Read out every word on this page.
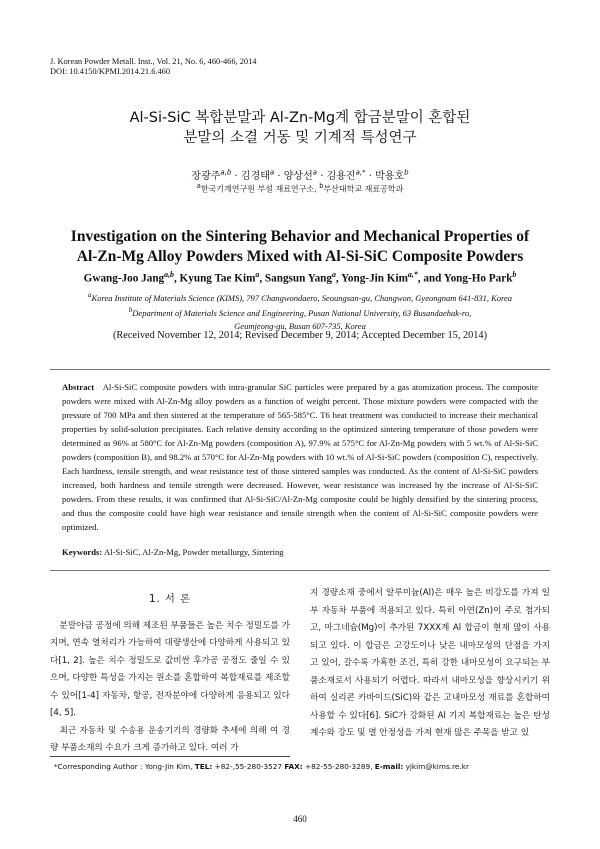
J. Korean Powder Metall. Inst., Vol. 21, No. 6, 460-466, 2014
DOI: 10.4150/KPMI.2014.21.6.460
Al-Si-SiC 복합분말과 Al-Zn-Mg계 합금분말이 혼합된
분말의 소결 거동 및 기계적 특성연구
장광주$^{a,b}$ · 김경태$^a$ · 양상선$^a$ · 김용진$^{a,*}$ · 박용호$^b$
$^a$한국기계연구원 부설 재료연구소, $^b$부산대학교 재료공학과
Investigation on the Sintering Behavior and Mechanical Properties of
Al-Zn-Mg Alloy Powders Mixed with Al-Si-SiC Composite Powders
Gwang-Joo Jang$^{a,b}$, Kyung Tae Kim$^a$, Sangsun Yang$^a$, Yong-Jin Kim$^{a,*}$, and Yong-Ho Park$^b$
$^a$Korea Institute of Materials Science (KIMS), 797 Changwondaero, Seoungsan-gu, Changwon, Gyeongnam 641-831, Korea
$^b$Department of Materials Science and Engineering, Pusan National University, 63 Busandaehak-ro,
Geumjeong-gu, Busan 607-735, Korea
(Received November 12, 2014; Revised December 9, 2014; Accepted December 15, 2014)
Abstract Al-Si-SiC composite powders with intra-granular SiC particles were prepared by a gas atomization process. The composite powders were mixed with Al-Zn-Mg alloy powders as a function of weight percent. Those mixture powders were compacted with the pressure of 700 MPa and then sintered at the temperature of 565-585°C. T6 heat treatment was conducted to increase their mechanical properties by solid-solution precipitates. Each relative density according to the optimized sintering temperature of those powders were determined as 96% at 580°C for Al-Zn-Mg powders (composition A), 97.9% at 575°C for Al-Zn-Mg powders with 5 wt.% of Al-Si-SiC powders (composition B), and 98.2% at 570°C for Al-Zn-Mg powders with 10 wt.% of Al-Si-SiC powders (composition C), respectively. Each hardness, tensile strength, and wear resistance test of those sintered samples was conducted. As the content of Al-Si-SiC powders increased, both hardness and tensile strength were decreased. However, wear resistance was increased by the increase of Al-Si-SiC powders. From these results, it was confirmed that Al-Si-SiC/Al-Zn-Mg composite could be highly densified by the sintering process, and thus the composite could have high wear resistance and tensile strength when the content of Al-Si-SiC composite powders were optimized.
Keywords: Al-Si-SiC, Al-Zn-Mg, Powder metallurgy, Sintering
1. 서 론

분말야금 공정에 의해 제조된 부품들은 높은 치수 정밀도를 가지며, 연속 열처리가 가능하여 대량생산에 다양하게 사용되고 있다[1, 2]. 높은 치수 정밀도로 값비싼 후가공 공정도 줄일 수 있으며, 다양한 특성을 가지는 원소를 혼합하여 복합재료를 제조할 수 있어[1-4] 자동차, 항공, 전자분야에 다양하게 응용되고 있다[4, 5].

최근 자동차 및 수송용 운송기기의 경량화 추세에 의해 여 경량 부품소재의 수요가 크게 증가하고 있다. 여러 가

지 경량소재 중에서 알루미늄(Al)은 매우 높은 비강도를 가져 일부 자동차 부품에 적용되고 있다. 특히 아연(Zn)이 주로 첨가되고, 마그네슘(Mg)이 추가된 7XXX계 Al 합금이 현재 많이 사용되고 있다. 이 합금은 고강도이나 낮은 내마모성의 단점을 가지고 있어, 갈수록 가혹한 조건, 특히 강한 내마모성이 요구되는 부품소재로서 사용되기 어렵다. 따라서 내마모성을 향상시키기 위하여 실리콘 카바이드(SiC)와 같은 고내마모성 재료를 혼합하여 사용할 수 있다[6]. SiC가 강화된 Al 기지 복합재료는 높은 탄성계수와 강도 및 열 안정성을 가져 현재 많은 주목을 받고 있

*Corresponding Author : Yong-Jin Kim, TEL: +82-,55-280-3527 FAX: +82-55-280-3289, E-mail: yjkim@kims.re.kr
460
